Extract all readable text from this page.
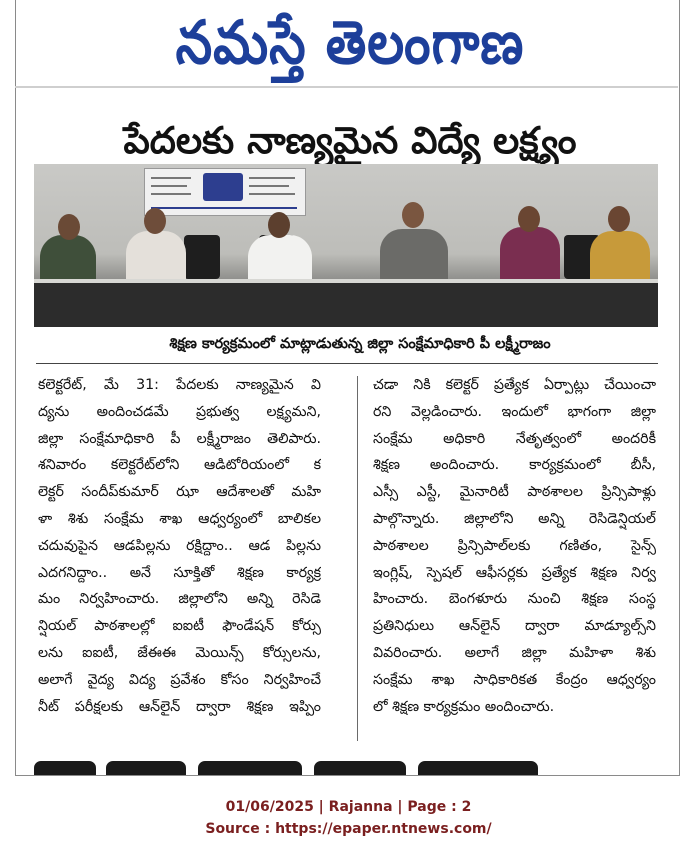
నమస్తే తెలంగాణ
పేదలకు నాణ్యమైన విద్యే లక్ష్యం
శిక్షణ కార్యక్రమంలో మాట్లాడుతున్న జిల్లా సంక్షేమాధికారి పీ లక్ష్మీరాజం
కలెక్టరేట్, మే 31: పేదలకు నాణ్యమైన వి
ద్యను అందించడమే ప్రభుత్వ లక్ష్యమని,
జిల్లా సంక్షేమాధికారి పీ లక్ష్మీరాజం తెలిపారు.
శనివారం కలెక్టరేట్‌లోని ఆడిటోరియంలో క
లెక్టర్ సందీప్‌కుమార్ ఝా ఆదేశాలతో మహి
ళా శిశు సంక్షేమ శాఖ ఆధ్వర్యంలో బాలికల
చదువుపైన ఆడపిల్లను రక్షిద్దాం.. ఆడ పిల్లను
ఎదగనిద్దాం.. అనే సూక్తితో శిక్షణ కార్యక్ర
మం నిర్వహించారు. జిల్లాలోని అన్ని రెసిడె
న్షియల్ పాఠశాలల్లో ఐఐటీ ఫౌండేషన్ కోర్సు
లను ఐఐటీ, జేఈఈ మెయిన్స్ కోర్సులను,
అలాగే వైద్య విద్య ప్రవేశం కోసం నిర్వహించే
నీట్ పరీక్షలకు ఆన్‌లైన్ ద్వారా శిక్షణ ఇప్పిం
చడా నికి కలెక్టర్ ప్రత్యేక ఏర్పాట్లు చేయించా
రని వెల్లడించారు. ఇందులో భాగంగా జిల్లా
సంక్షేమ అధికారి నేతృత్వంలో అందరికీ
శిక్షణ అందించారు. కార్యక్రమంలో బీసీ,
ఎస్సీ ఎస్టీ, మైనారిటీ పాఠశాలల ప్రిన్సిపాళ్లు
పాల్గొన్నారు. జిల్లాలోని అన్ని రెసిడెన్షియల్
పాఠశాలల ప్రిన్సిపాల్‌లకు గణితం, సైన్స్
ఇంగ్లిష్, స్పెషల్ ఆఫీసర్లకు ప్రత్యేక శిక్షణ నిర్వ
హించారు. బెంగళూరు నుంచి శిక్షణ సంస్థ
ప్రతినిధులు ఆన్‌లైన్ ద్వారా మాడ్యూల్స్‌ని
వివరించారు. అలాగే జిల్లా మహిళా శిశు
సంక్షేమ శాఖ సాధికారికత కేంద్రం ఆధ్వర్యం
లో శిక్షణ కార్యక్రమం అందించారు.
01/06/2025 | Rajanna | Page : 2
Source : https://epaper.ntnews.com/
